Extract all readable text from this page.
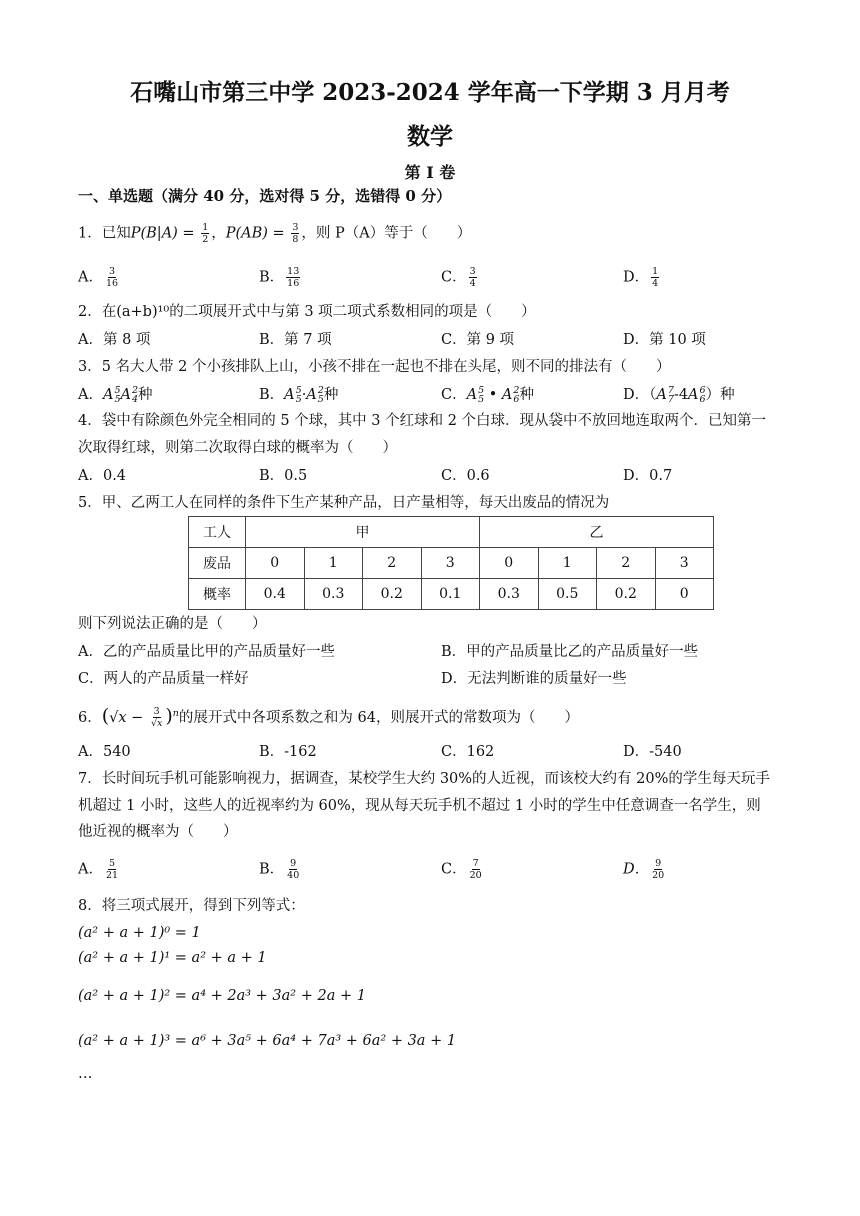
石嘴山市第三中学 2023-2024 学年高一下学期 3 月月考
数学
第 I 卷
一、单选题（满分 40 分，选对得 5 分，选错得 0 分）
1．已知$P(B|A) = \frac{1}{2}$ ，$P(AB) = \frac{3}{8}$ ，则 P（A）等于（　　）
A． $\frac{3}{16}$	B． $\frac{13}{16}$	C． $\frac{3}{4}$	D． $\frac{1}{4}$
2．在(a+b)¹⁰的二项展开式中与第 3 项二项式系数相同的项是（　　）
A．第 8 项	B．第 7 项	C．第 9 项	D．第 10 项
3．5 名大人带 2 个小孩排队上山，小孩不排在一起也不排在头尾，则不同的排法有（　　）
A．A 5
5 A 2
4 种	B．A 5
5 ·A 2
5 种	C．A 5
5 • A 2
6 种	D．（A 7
7 -4A 6
6 ）种
4．袋中有除颜色外完全相同的 5 个球，其中 3 个红球和 2 个白球．现从袋中不放回地连取两个．已知第一
次取得红球，则第二次取得白球的概率为（　　）
A．0.4	B．0.5	C．0.6	D．0.7
5．甲、乙两工人在同样的条件下生产某种产品，日产量相等，每天出废品的情况为
工人	甲				乙			
废品	0	1	2	3	0	1	2	3
概率	0.4	0.3	0.2	0.1	0.3	0.5	0.2	0
则下列说法正确的是（　　）
A．乙的产品质量比甲的产品质量好一些	B．甲的产品质量比乙的产品质量好一些
C．两人的产品质量一样好	D．无法判断谁的质量好一些
6．$(√x - \frac{3}{√x} )^n$的展开式中各项系数之和为 64，则展开式的常数项为（　　）
A．540	B．-162	C．162	D．-540
7．长时间玩手机可能影响视力，据调查，某校学生大约 30%的人近视，而该校大约有 20%的学生每天玩手
机超过 1 小时，这些人的近视率约为 60%，现从每天玩手机不超过 1 小时的学生中任意调查一名学生，则
他近视的概率为（　　）
A． $\frac{5}{21}$	B． $\frac{9}{40}$	C． $\frac{7}{20}$	D． $\frac{9}{20}$
8．将三项式展开，得到下列等式：
(a² + a + 1)⁰ = 1
(a² + a + 1)¹ = a² + a + 1
(a² + a + 1)² = a⁴ + 2a³ + 3a² + 2a + 1
(a² + a + 1)³ = a⁶ + 3a⁵ + 6a⁴ + 7a³ + 6a² + 3a + 1
…
